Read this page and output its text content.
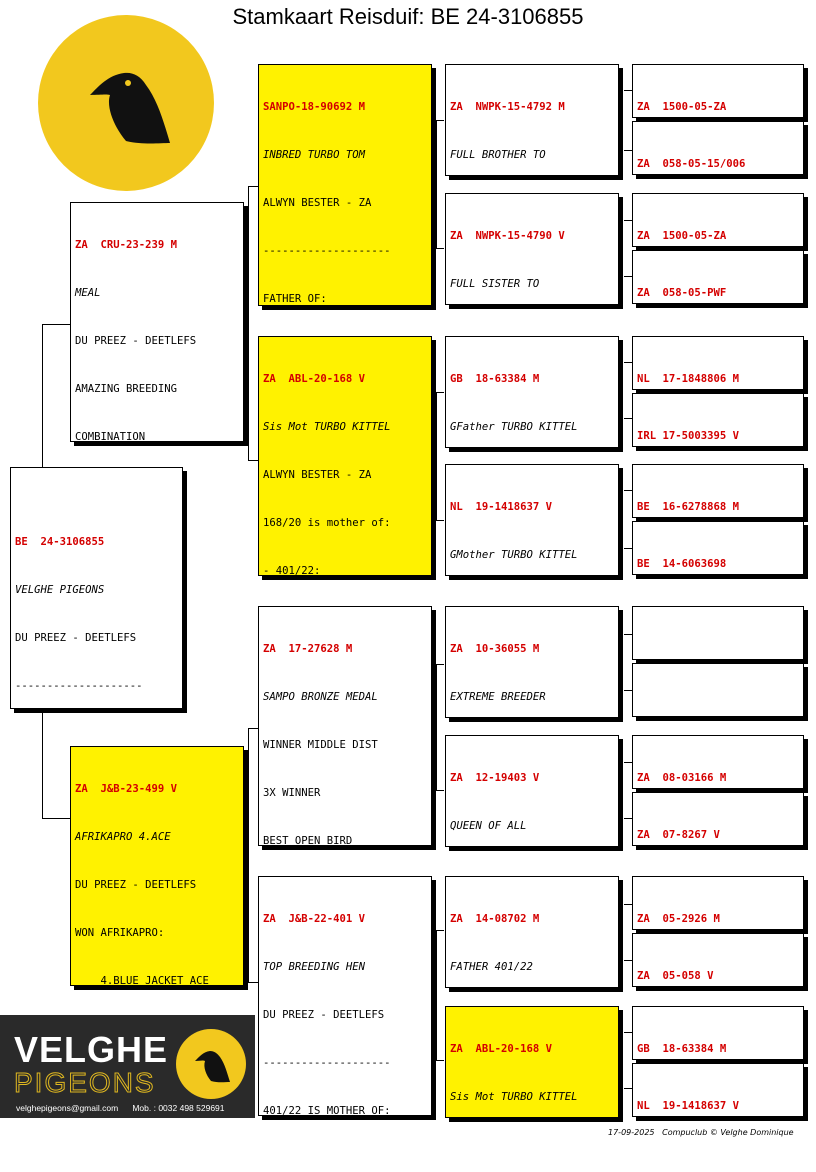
Stamkaart Reisduif: BE 24-3106855

BE  24-3106855

VELGHE PIGEONS

DU PREEZ - DEETLEFS

--------------------

ZA  CRU-23-239 M

MEAL

DU PREEZ - DEETLEFS

AMAZING BREEDING

COMBINATION

ZA  J&B-23-499 V

AFRIKAPRO 4.ACE

DU PREEZ - DEETLEFS

WON AFRIKAPRO:

4.BLUE JACKET ACE

SANPO-18-90692 M

INBRED TURBO TOM

ALWYN BESTER - ZA

--------------------

FATHER OF:

ZA  ABL-20-168 V

Sis Mot TURBO KITTEL

ALWYN BESTER - ZA

168/20 is mother of:

- 401/22:

ZA  17-27628 M

SAMPO BRONZE MEDAL

WINNER MIDDLE DIST

3X WINNER

BEST OPEN BIRD

ZA  J&B-22-401 V

TOP BREEDING HEN

DU PREEZ - DEETLEFS

--------------------

401/22 IS MOTHER OF:

ZA  NWPK-15-4792 M

FULL BROTHER TO

ZA  NWPK-15-4790 V

FULL SISTER TO

GB  18-63384 M

GFather TURBO KITTEL

NL  19-1418637 V

GMother TURBO KITTEL

ZA  10-36055 M

EXTREME BREEDER

ZA  12-19403 V

QUEEN OF ALL

ZA  14-08702 M

FATHER 401/22

ZA  ABL-20-168 V

Sis Mot TURBO KITTEL

ZA  1500-05-ZA

ZA  058-05-15/006

ZA  1500-05-ZA

ZA  058-05-PWF

NL  17-1848806 M

IRL 17-5003395 V

BE  16-6278868 M

BE  14-6063698

ZA  08-03166 M

ZA  07-8267 V

ZA  05-2926 M

ZA  05-058 V

GB  18-63384 M

NL  19-1418637 V

VELGHE
PIGEONS
velghepigeons@gmail.com      Mob. : 0032 498 529691
17-09-2025   Compuclub © Velghe Dominique
